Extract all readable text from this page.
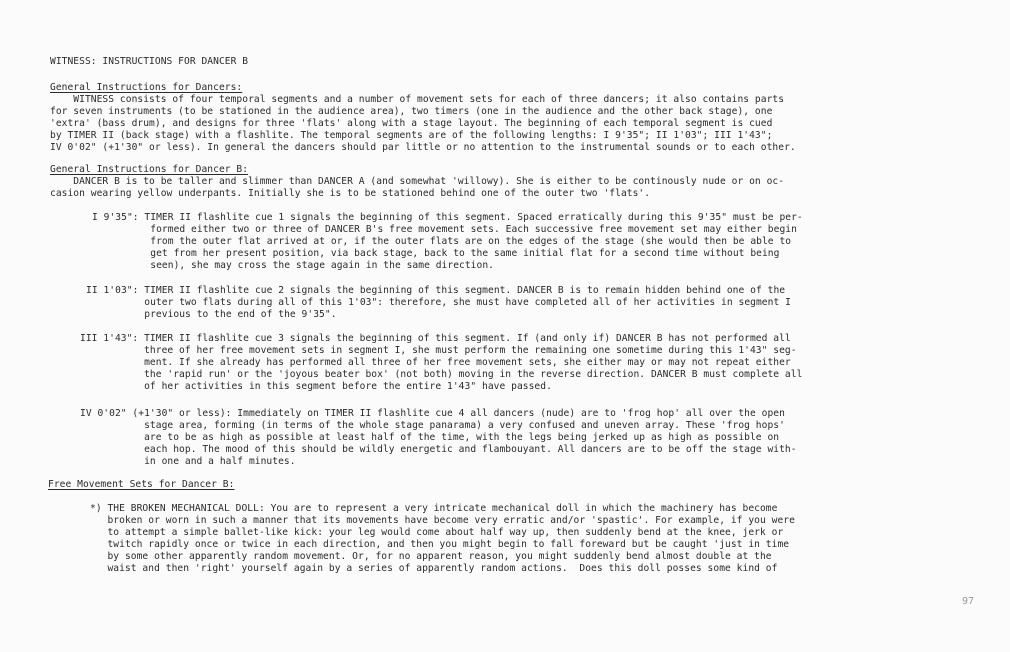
WITNESS: INSTRUCTIONS FOR DANCER B
General Instructions for Dancers:
WITNESS consists of four temporal segments and a number of movement sets for each of three dancers; it also contains parts
for seven instruments (to be stationed in the audience area), two timers (one in the audience and the other back stage), one
'extra' (bass drum), and designs for three 'flats' along with a stage layout. The beginning of each temporal segment is cued
by TIMER II (back stage) with a flashlite. The temporal segments are of the following lengths: I 9'35"; II 1'03"; III 1'43";
IV 0'02" (+1'30" or less). In general the dancers should par little or no attention to the instrumental sounds or to each other.
General Instructions for Dancer B:
DANCER B is to be taller and slimmer than DANCER A (and somewhat 'willowy). She is either to be continously nude or on oc-
casion wearing yellow underpants. Initially she is to be stationed behind one of the outer two 'flats'.
I 9'35": TIMER II flashlite cue 1 signals the beginning of this segment. Spaced erratically during this 9'35" must be per-
formed either two or three of DANCER B's free movement sets. Each successive free movement set may either begin
from the outer flat arrived at or, if the outer flats are on the edges of the stage (she would then be able to
get from her present position, via back stage, back to the same initial flat for a second time without being
seen), she may cross the stage again in the same direction.
II 1'03": TIMER II flashlite cue 2 signals the beginning of this segment. DANCER B is to remain hidden behind one of the
outer two flats during all of this 1'03": therefore, she must have completed all of her activities in segment I
previous to the end of the 9'35".
III 1'43": TIMER II flashlite cue 3 signals the beginning of this segment. If (and only if) DANCER B has not performed all
three of her free movement sets in segment I, she must perform the remaining one sometime during this 1'43" seg-
ment. If she already has performed all three of her free movement sets, she either may or may not repeat either
the 'rapid run' or the 'joyous beater box' (not both) moving in the reverse direction. DANCER B must complete all
of her activities in this segment before the entire 1'43" have passed.
IV 0'02" (+1'30" or less): Immediately on TIMER II flashlite cue 4 all dancers (nude) are to 'frog hop' all over the open
stage area, forming (in terms of the whole stage panarama) a very confused and uneven array. These 'frog hops'
are to be as high as possible at least half of the time, with the legs being jerked up as high as possible on
each hop. The mood of this should be wildly energetic and flambouyant. All dancers are to be off the stage with-
in one and a half minutes.
Free Movement Sets for Dancer B:
*) THE BROKEN MECHANICAL DOLL: You are to represent a very intricate mechanical doll in which the machinery has become
broken or worn in such a manner that its movements have become very erratic and/or 'spastic'. For example, if you were
to attempt a simple ballet-like kick: your leg would come about half way up, then suddenly bend at the knee, jerk or
twitch rapidly once or twice in each direction, and then you might begin to fall foreward but be caught 'just in time
by some other apparently random movement. Or, for no apparent reason, you might suddenly bend almost double at the
waist and then 'right' yourself again by a series of apparently random actions.  Does this doll posses some kind of
97
